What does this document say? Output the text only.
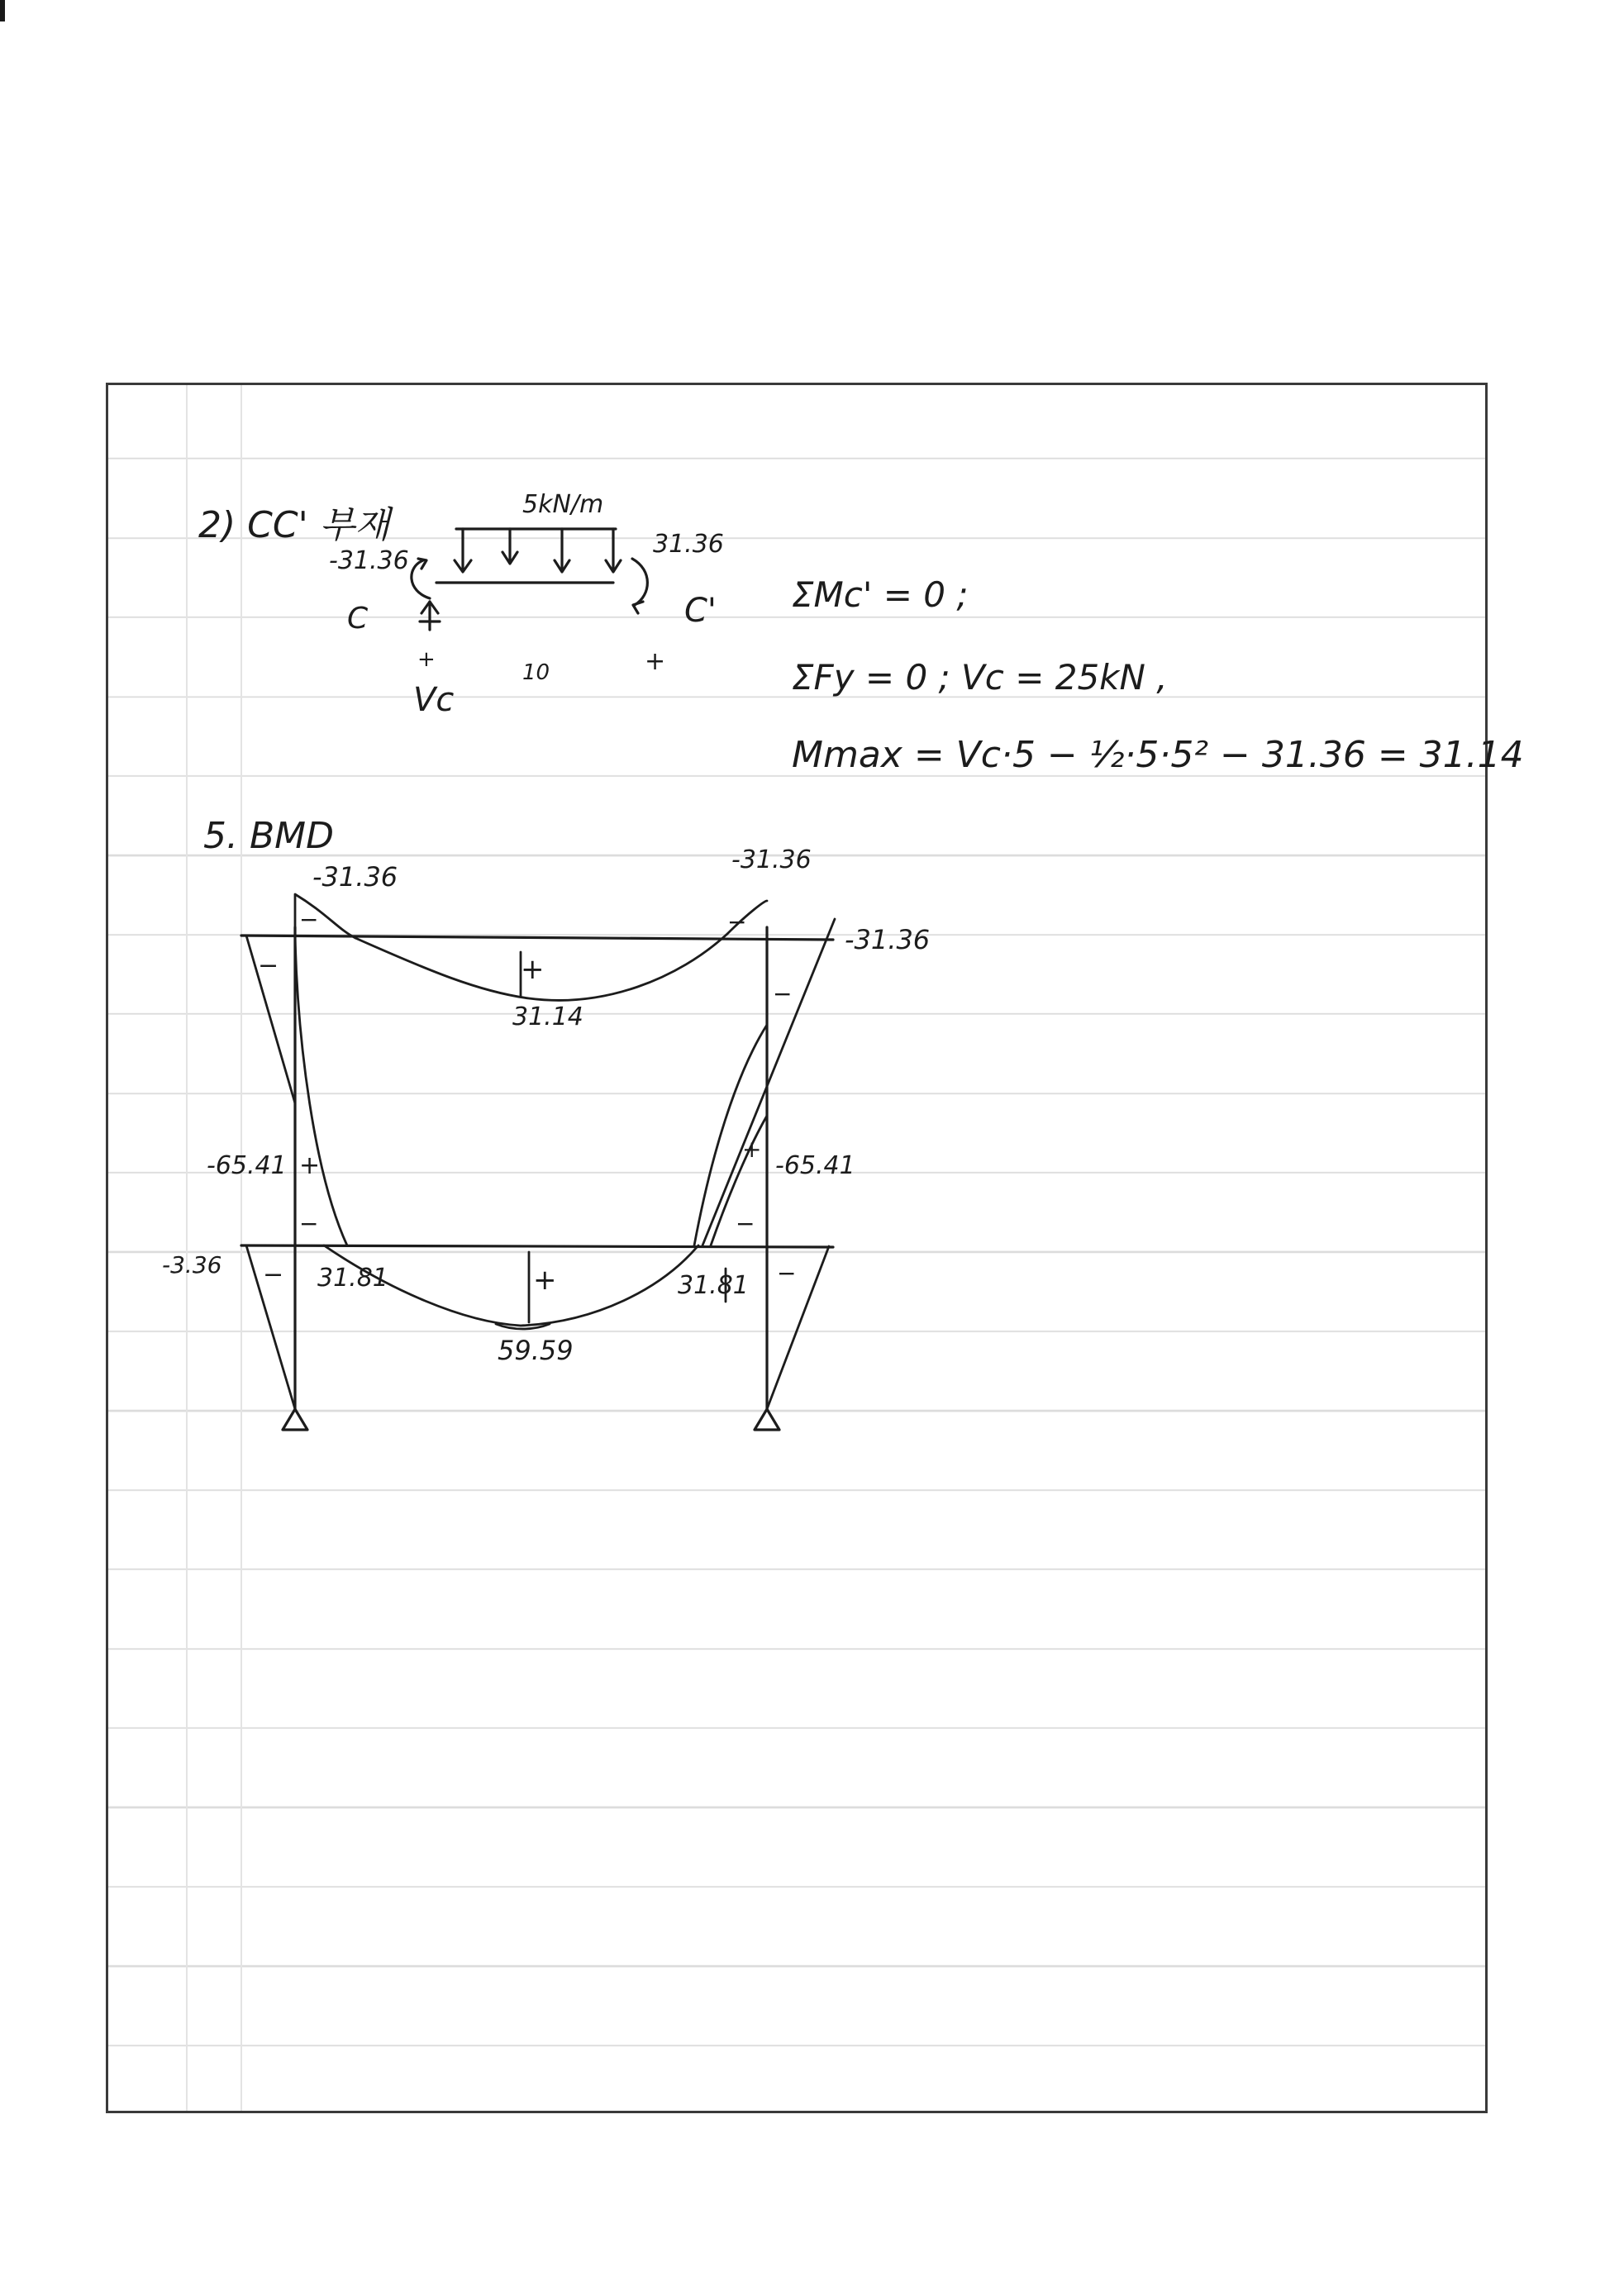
2) CC' 부재	5kN/m
-31.36
31.36
C	C'
+
Vc
10	+
ΣMc' = 0 ;
ΣFy = 0 ; Vc = 25kN ,
Mmax = Vc·5 − ½·5·5² − 31.36 = 31.14
5. BMD
-31.36
-31.36
-31.36
31.14
-65.41	-65.41
-3.36	31.81	31.81
59.59
−
−	−
−
−	−
−	−
+
+
+
+
